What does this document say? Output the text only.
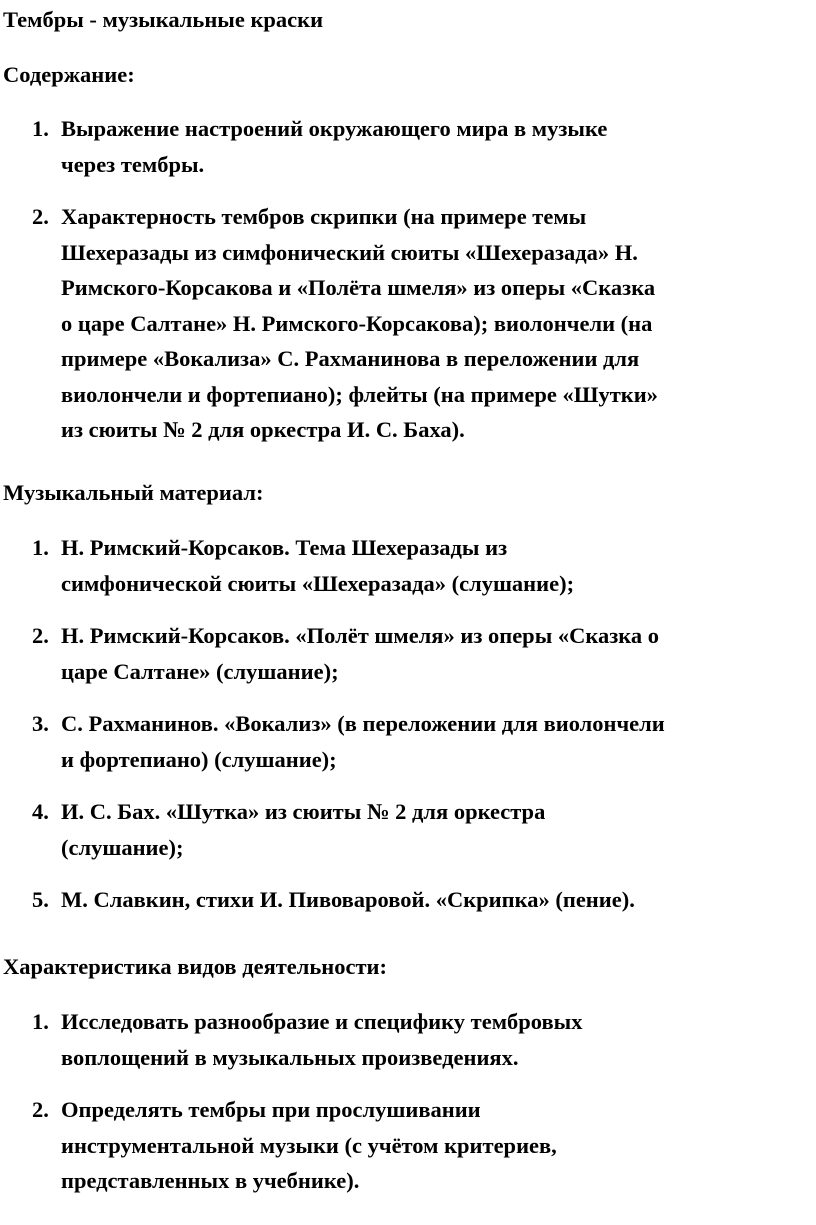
Тембры - музыкальные краски
Содержание:
1. Выражение настроений окружающего мира в музыке
через тембры.
2. Характерность тембров скрипки (на примере темы
Шехеразады из симфонический сюиты «Шехеразада» Н.
Римского-Корсакова и «Полёта шмеля» из оперы «Сказка
о царе Салтане» Н. Римского-Корсакова); виолончели (на
примере «Вокализа» С. Рахманинова в переложении для
виолончели и фортепиано); флейты (на примере «Шутки»
из сюиты № 2 для оркестра И. С. Баха).
Музыкальный материал:
1. Н. Римский-Корсаков. Тема Шехеразады из
симфонической сюиты «Шехеразада» (слушание);
2. Н. Римский-Корсаков. «Полёт шмеля» из оперы «Сказка о
царе Салтане» (слушание);
3. С. Рахманинов. «Вокализ» (в переложении для виолончели
и фортепиано) (слушание);
4. И. С. Бах. «Шутка» из сюиты № 2 для оркестра
(слушание);
5. М. Славкин, стихи И. Пивоваровой. «Скрипка» (пение).
Характеристика видов деятельности:
1. Исследовать разнообразие и специфику тембровых
воплощений в музыкальных произведениях.
2. Определять тембры при прослушивании
инструментальной музыки (с учётом критериев,
представленных в учебнике).
